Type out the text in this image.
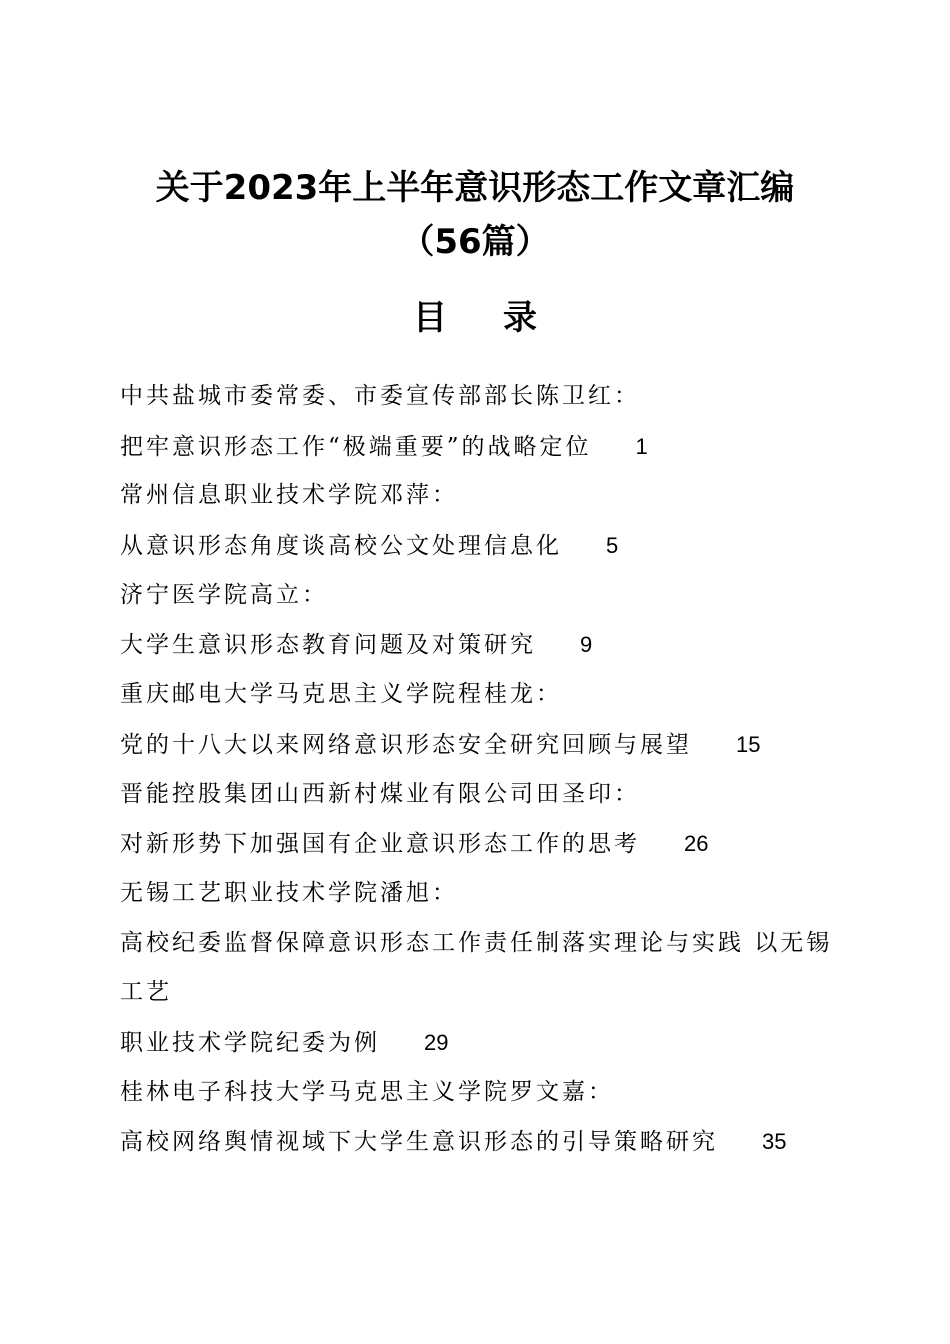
关于2023年上半年意识形态工作文章汇编
（56篇）
目录
中共盐城市委常委、市委宣传部部长陈卫红：
把牢意识形态工作“极端重要”的战略定位 1
常州信息职业技术学院邓萍：
从意识形态角度谈高校公文处理信息化 5
济宁医学院高立：
大学生意识形态教育问题及对策研究 9
重庆邮电大学马克思主义学院程桂龙：
党的十八大以来网络意识形态安全研究回顾与展望 15
晋能控股集团山西新村煤业有限公司田圣印：
对新形势下加强国有企业意识形态工作的思考 26
无锡工艺职业技术学院潘旭：
高校纪委监督保障意识形态工作责任制落实理论与实践 以无锡
工艺
职业技术学院纪委为例 29
桂林电子科技大学马克思主义学院罗文嘉：
高校网络舆情视域下大学生意识形态的引导策略研究 35
